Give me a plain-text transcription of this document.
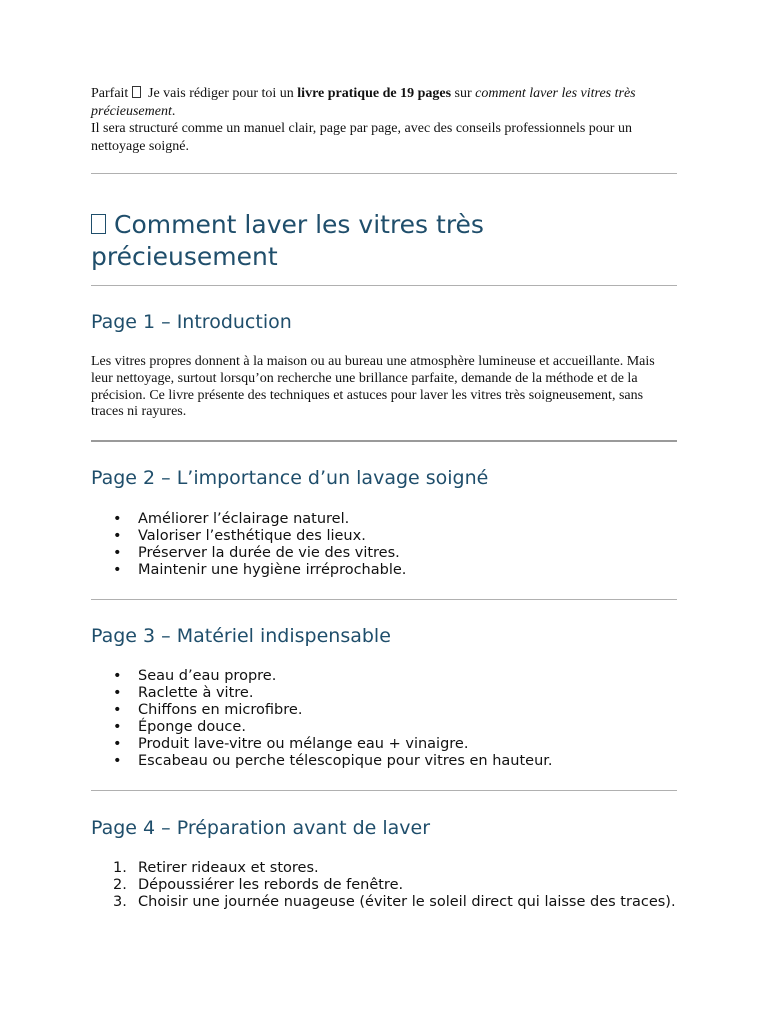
Parfait  Je vais rédiger pour toi un livre pratique de 19 pages sur comment laver les vitres très précieusement.

Il sera structuré comme un manuel clair, page par page, avec des conseils professionnels pour un nettoyage soigné.

Comment laver les vitres très précieusement
Page 1 – Introduction

Les vitres propres donnent à la maison ou au bureau une atmosphère lumineuse et accueillante. Mais leur nettoyage, surtout lorsqu’on recherche une brillance parfaite, demande de la méthode et de la précision. Ce livre présente des techniques et astuces pour laver les vitres très soigneusement, sans traces ni rayures.

Page 2 – L’importance d’un lavage soigné
•	Améliorer l’éclairage naturel.
•	Valoriser l’esthétique des lieux.
•	Préserver la durée de vie des vitres.
•	Maintenir une hygiène irréprochable.
Page 3 – Matériel indispensable
•	Seau d’eau propre.
•	Raclette à vitre.
•	Chiffons en microfibre.
•	Éponge douce.
•	Produit lave-vitre ou mélange eau + vinaigre.
•	Escabeau ou perche télescopique pour vitres en hauteur.
Page 4 – Préparation avant de laver
1. Retirer rideaux et stores.
2. Dépoussiérer les rebords de fenêtre.
3. Choisir une journée nuageuse (éviter le soleil direct qui laisse des traces).
